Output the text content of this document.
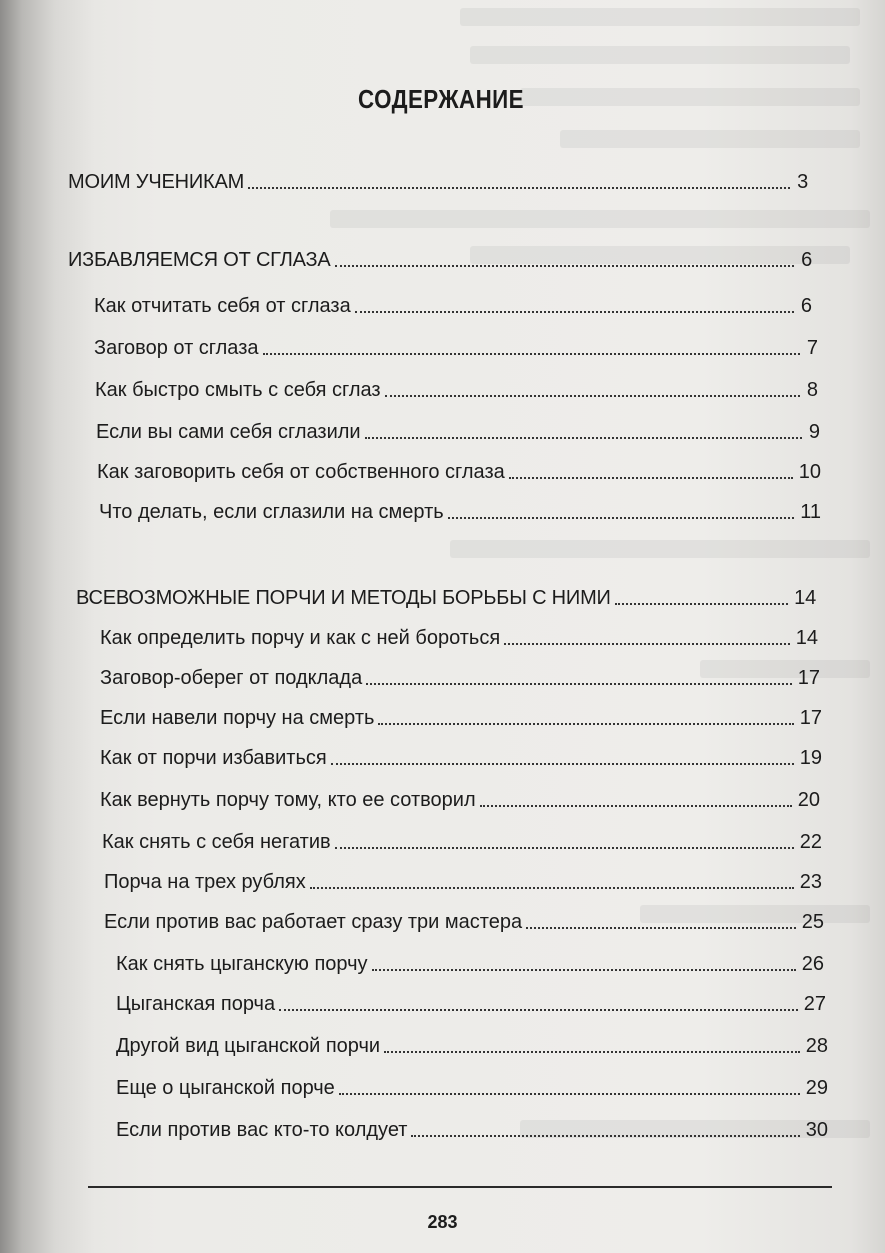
СОДЕРЖАНИЕ
МОИМ УЧЕНИКАМ	3
ИЗБАВЛЯЕМСЯ ОТ СГЛАЗА	6
Как отчитать себя от сглаза	6
Заговор от сглаза	7
Как быстро смыть с себя сглаз	8
Если вы сами себя сглазили	9
Как заговорить себя от собственного сглаза	10
Что делать, если сглазили на смерть	11
ВСЕВОЗМОЖНЫЕ ПОРЧИ И МЕТОДЫ БОРЬБЫ С НИМИ	14
Как определить порчу и как с ней бороться	14
Заговор-оберег от подклада	17
Если навели порчу на смерть	17
Как от порчи избавиться	19
Как вернуть порчу тому, кто ее сотворил	20
Как снять с себя негатив	22
Порча на трех рублях	23
Если против вас работает сразу три мастера	25
Как снять цыганскую порчу	26
Цыганская порча	27
Другой вид цыганской порчи	28
Еще о цыганской порче	29
Если против вас кто-то колдует	30
283
